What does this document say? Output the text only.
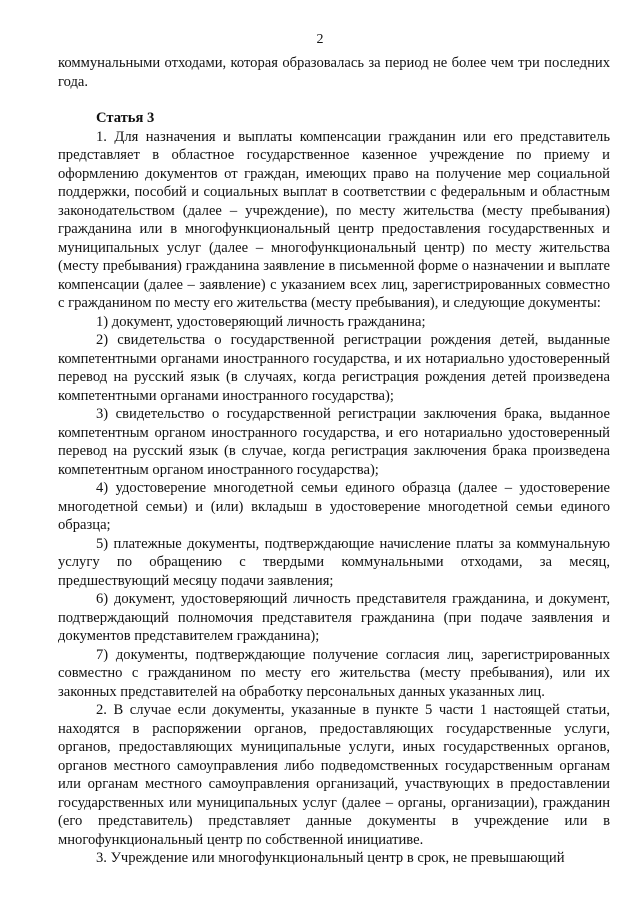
2

коммунальными отходами, которая образовалась за период не более чем три последних года.

Статья 3

1. Для назначения и выплаты компенсации гражданин или его представитель представляет в областное государственное казенное учреждение по приему и оформлению документов от граждан, имеющих право на получение мер социальной поддержки, пособий и социальных выплат в соответствии с федеральным и областным законодательством (далее – учреждение), по месту жительства (месту пребывания) гражданина или в многофункциональный центр предоставления государственных и муниципальных услуг (далее – многофункциональный центр) по месту жительства (месту пребывания) гражданина заявление в письменной форме о назначении и выплате компенсации (далее – заявление) с указанием всех лиц, зарегистрированных совместно с гражданином по месту его жительства (месту пребывания), и следующие документы:

1) документ, удостоверяющий личность гражданина;

2) свидетельства о государственной регистрации рождения детей, выданные компетентными органами иностранного государства, и их нотариально удостоверенный перевод на русский язык (в случаях, когда регистрация рождения детей произведена компетентными органами иностранного государства);

3) свидетельство о государственной регистрации заключения брака, выданное компетентным органом иностранного государства, и его нотариально удостоверенный перевод на русский язык (в случае, когда регистрация заключения брака произведена компетентным органом иностранного государства);

4) удостоверение многодетной семьи единого образца (далее – удостоверение многодетной семьи) и (или) вкладыш в удостоверение многодетной семьи единого образца;

5) платежные документы, подтверждающие начисление платы за коммунальную услугу по обращению с твердыми коммунальными отходами, за месяц, предшествующий месяцу подачи заявления;

6) документ, удостоверяющий личность представителя гражданина, и документ, подтверждающий полномочия представителя гражданина (при подаче заявления и документов представителем гражданина);

7) документы, подтверждающие получение согласия лиц, зарегистрированных совместно с гражданином по месту его жительства (месту пребывания), или их законных представителей на обработку персональных данных указанных лиц.

2. В случае если документы, указанные в пункте 5 части 1 настоящей статьи, находятся в распоряжении органов, предоставляющих государственные услуги, органов, предоставляющих муниципальные услуги, иных государственных органов, органов местного самоуправления либо подведомственных государственным органам или органам местного самоуправления организаций, участвующих в предоставлении государственных или муниципальных услуг (далее – органы, организации), гражданин (его представитель) представляет данные документы в учреждение или в многофункциональный центр по собственной инициативе.

3. Учреждение или многофункциональный центр в срок, не превышающий
